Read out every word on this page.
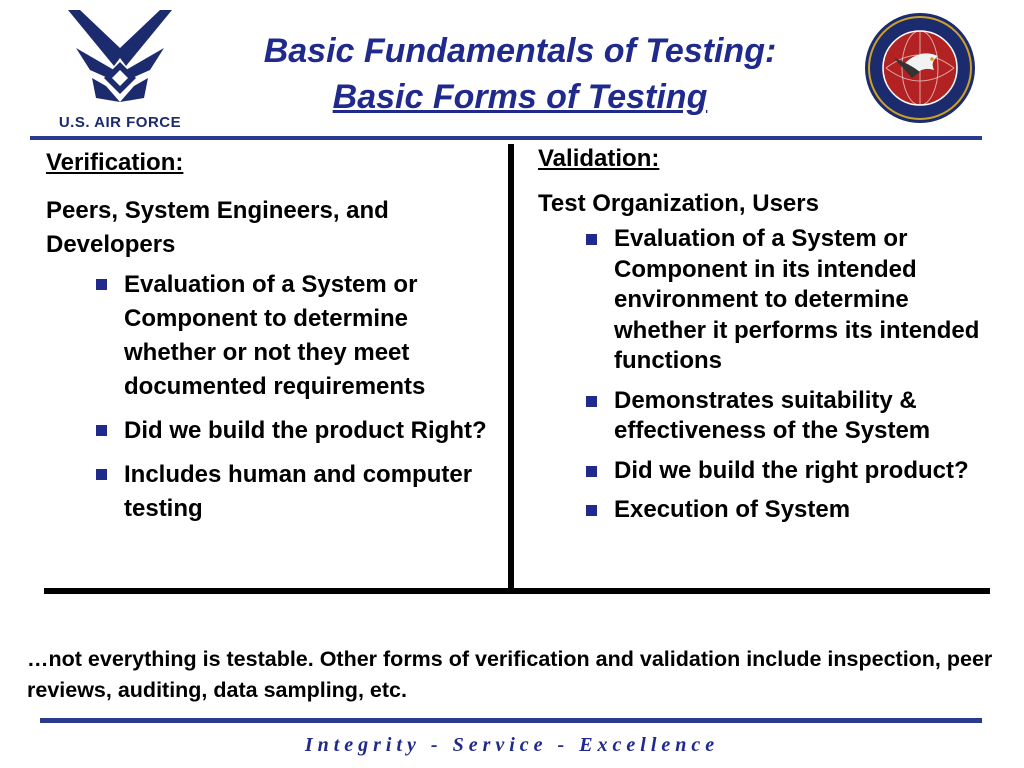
U.S. AIR FORCE
Basic Fundamentals of Testing:
Basic Forms of Testing
Verification:
Peers, System Engineers, and Developers
Evaluation of a System or Component to determine whether or not they meet documented requirements
Did we build the product Right?
Includes human and computer testing
Validation:
Test Organization, Users
Evaluation of a System or Component in its intended environment to determine whether it performs its intended functions
Demonstrates suitability & effectiveness of the System
Did we build the right product?
Execution of System
…not everything is testable. Other forms of verification and validation include inspection, peer reviews, auditing, data sampling, etc.
Integrity - Service - Excellence
